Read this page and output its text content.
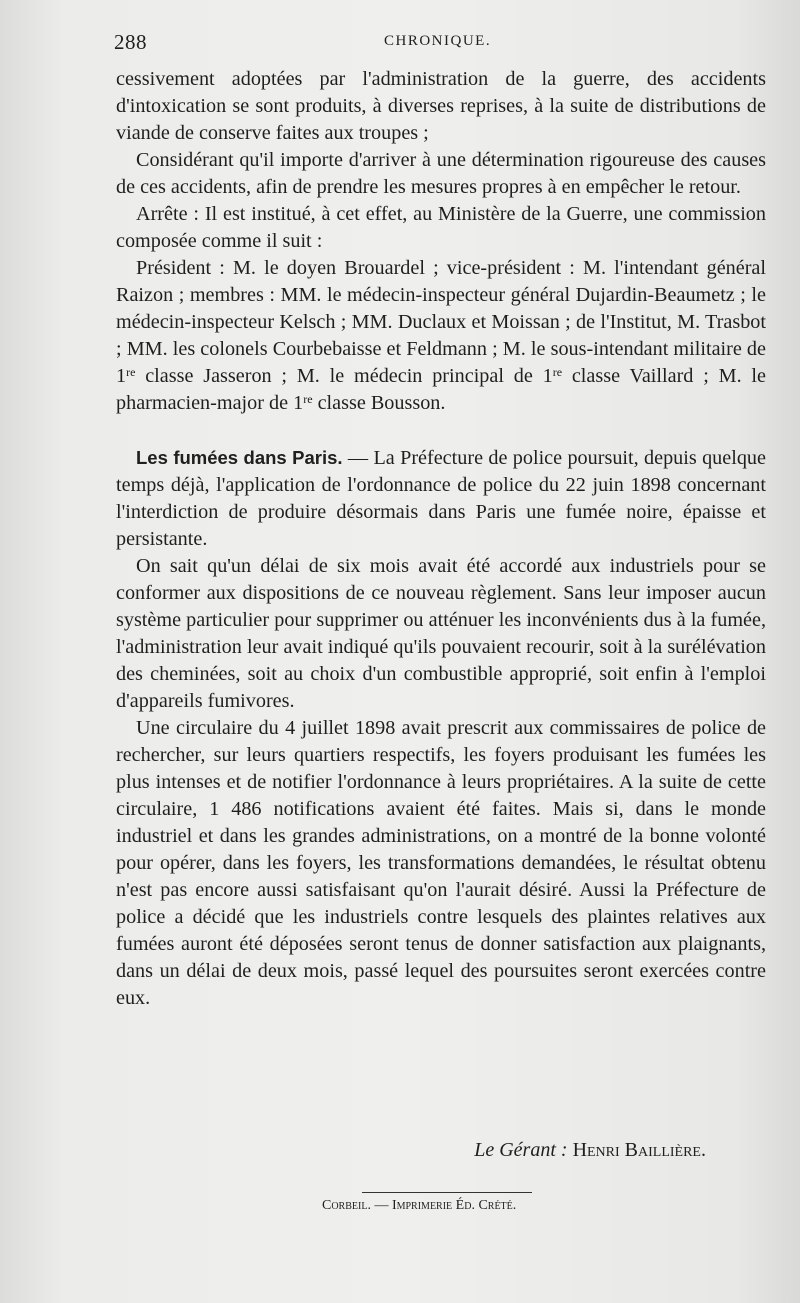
288	CHRONIQUE.

cessivement adoptées par l'administration de la guerre, des accidents d'intoxication se sont produits, à diverses reprises, à la suite de distributions de viande de conserve faites aux troupes ;

Considérant qu'il importe d'arriver à une détermination rigoureuse des causes de ces accidents, afin de prendre les mesures propres à en empêcher le retour.

Arrête : Il est institué, à cet effet, au Ministère de la Guerre, une commission composée comme il suit :

Président : M. le doyen Brouardel ; vice-président : M. l'intendant général Raizon ; membres : MM. le médecin-inspecteur général Dujardin-Beaumetz ; le médecin-inspecteur Kelsch ; MM. Duclaux et Moissan ; de l'Institut, M. Trasbot ; MM. les colonels Courbebaisse et Feldmann ; M. le sous-intendant militaire de 1re classe Jasseron ; M. le médecin principal de 1re classe Vaillard ; M. le pharmacien-major de 1re classe Bousson.

Les fumées dans Paris. — La Préfecture de police poursuit, depuis quelque temps déjà, l'application de l'ordonnance de police du 22 juin 1898 concernant l'interdiction de produire désormais dans Paris une fumée noire, épaisse et persistante.

On sait qu'un délai de six mois avait été accordé aux industriels pour se conformer aux dispositions de ce nouveau règlement. Sans leur imposer aucun système particulier pour supprimer ou atténuer les inconvénients dus à la fumée, l'administration leur avait indiqué qu'ils pouvaient recourir, soit à la surélévation des cheminées, soit au choix d'un combustible approprié, soit enfin à l'emploi d'appareils fumivores.

Une circulaire du 4 juillet 1898 avait prescrit aux commissaires de police de rechercher, sur leurs quartiers respectifs, les foyers produisant les fumées les plus intenses et de notifier l'ordonnance à leurs propriétaires. A la suite de cette circulaire, 1 486 notifications avaient été faites. Mais si, dans le monde industriel et dans les grandes administrations, on a montré de la bonne volonté pour opérer, dans les foyers, les transformations demandées, le résultat obtenu n'est pas encore aussi satisfaisant qu'on l'aurait désiré. Aussi la Préfecture de police a décidé que les industriels contre lesquels des plaintes relatives aux fumées auront été déposées seront tenus de donner satisfaction aux plaignants, dans un délai de deux mois, passé lequel des poursuites seront exercées contre eux.

Le Gérant : Henri Baillière.
Corbeil. — Imprimerie Éd. Crété.
